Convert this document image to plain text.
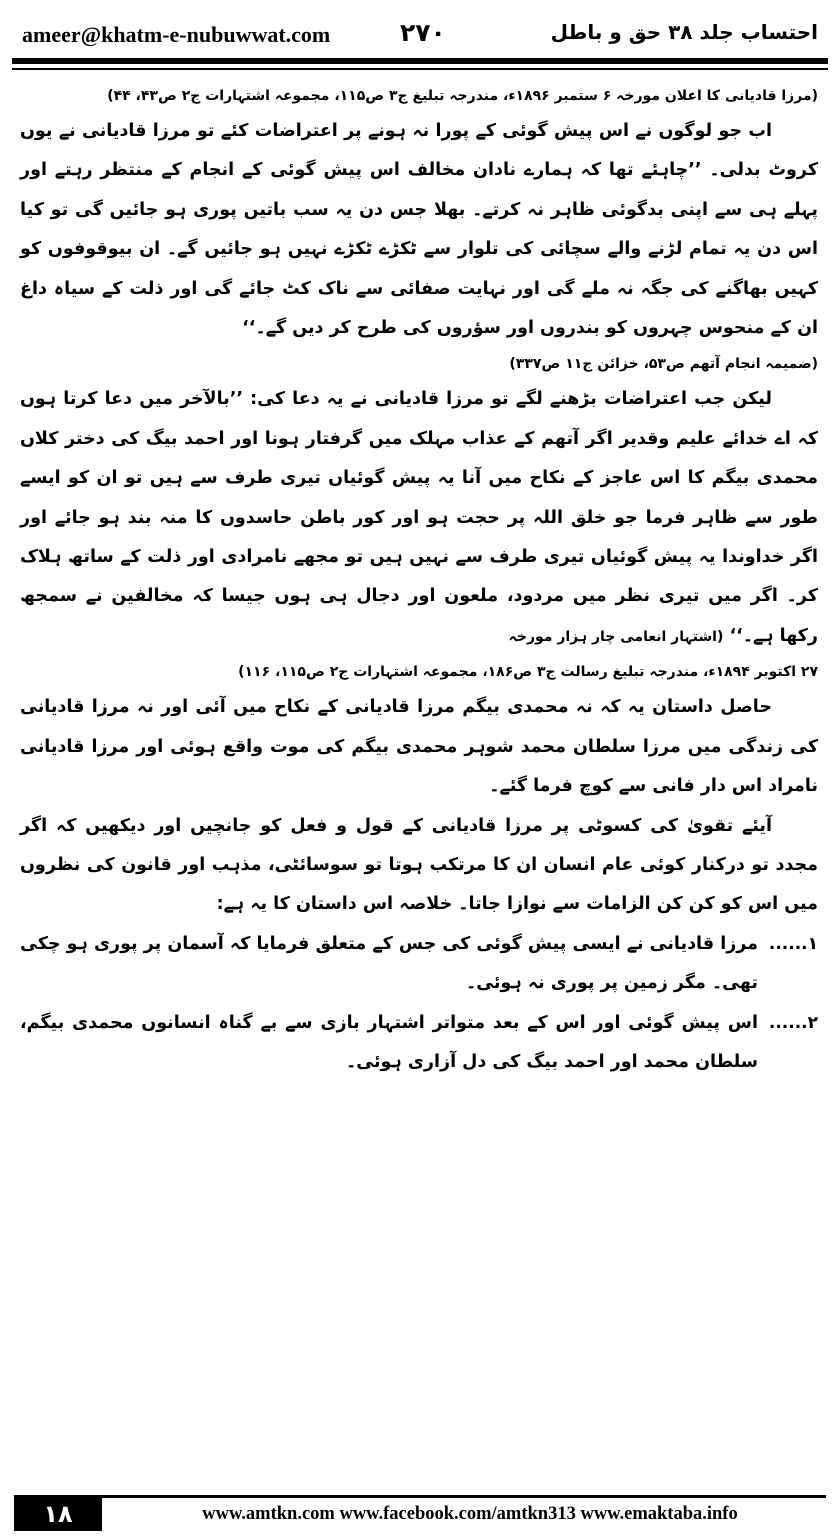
ameer@khatm-e-nubuwwat.com	۲۷۰	احتساب جلد ۳۸ حق و باطل
(مرزا قادیانی کا اعلان مورخہ ۶ ستمبر ۱۸۹۶ء، مندرجہ تبلیغ ج۳ ص۱۱۵، مجموعہ اشتہارات ج۲ ص۴۳، ۴۴)
اب جو لوگوں نے اس پیش گوئی کے پورا نہ ہونے پر اعتراضات کئے تو مرزا قادیانی نے یوں کروٹ بدلی۔ ’’چاہئے تھا کہ ہمارے نادان مخالف اس پیش گوئی کے انجام کے منتظر رہتے اور پہلے ہی سے اپنی بدگوئی ظاہر نہ کرتے۔ بھلا جس دن یہ سب باتیں پوری ہو جائیں گی تو کیا اس دن یہ تمام لڑنے والے سچائی کی تلوار سے ٹکڑے ٹکڑے نہیں ہو جائیں گے۔ ان بیوقوفوں کو کہیں بھاگنے کی جگہ نہ ملے گی اور نہایت صفائی سے ناک کٹ جائے گی اور ذلت کے سیاہ داغ ان کے منحوس چہروں کو بندروں اور سؤروں کی طرح کر دیں گے۔‘‘
(ضمیمہ انجام آتھم ص۵۳، خزائن ج۱۱ ص۳۳۷)
لیکن جب اعتراضات بڑھنے لگے تو مرزا قادیانی نے یہ دعا کی: ’’بالآخر میں دعا کرتا ہوں کہ اے خدائے علیم وقدیر اگر آتھم کے عذاب مہلک میں گرفتار ہونا اور احمد بیگ کی دختر کلاں محمدی بیگم کا اس عاجز کے نکاح میں آنا یہ پیش گوئیاں تیری طرف سے ہیں تو ان کو ایسے طور سے ظاہر فرما جو خلق اللہ پر حجت ہو اور کور باطن حاسدوں کا منہ بند ہو جائے اور اگر خداوندا یہ پیش گوئیاں تیری طرف سے نہیں ہیں تو مجھے نامرادی اور ذلت کے ساتھ ہلاک کر۔ اگر میں تیری نظر میں مردود، ملعون اور دجال ہی ہوں جیسا کہ مخالفین نے سمجھ رکھا ہے۔‘‘ (اشتہار انعامی چار ہزار مورخہ
۲۷ اکتوبر ۱۸۹۴ء، مندرجہ تبلیغ رسالت ج۳ ص۱۸۶، مجموعہ اشتہارات ج۲ ص۱۱۵، ۱۱۶)
حاصل داستان یہ کہ نہ محمدی بیگم مرزا قادیانی کے نکاح میں آئی اور نہ مرزا قادیانی کی زندگی میں مرزا سلطان محمد شوہر محمدی بیگم کی موت واقع ہوئی اور مرزا قادیانی نامراد اس دار فانی سے کوچ فرما گئے۔
آیئے تقویٰ کی کسوٹی پر مرزا قادیانی کے قول و فعل کو جانچیں اور دیکھیں کہ اگر مجدد تو درکنار کوئی عام انسان ان کا مرتکب ہوتا تو سوسائٹی، مذہب اور قانون کی نظروں میں اس کو کن کن الزامات سے نوازا جاتا۔ خلاصہ اس داستان کا یہ ہے:
۱......
مرزا قادیانی نے ایسی پیش گوئی کی جس کے متعلق فرمایا کہ آسمان پر پوری ہو چکی تھی۔ مگر زمین پر پوری نہ ہوئی۔
۲......
اس پیش گوئی اور اس کے بعد متواتر اشتہار بازی سے بے گناہ انسانوں محمدی بیگم، سلطان محمد اور احمد بیگ کی دل آزاری ہوئی۔
۱۸	www.amtkn.com www.facebook.com/amtkn313 www.emaktaba.info
